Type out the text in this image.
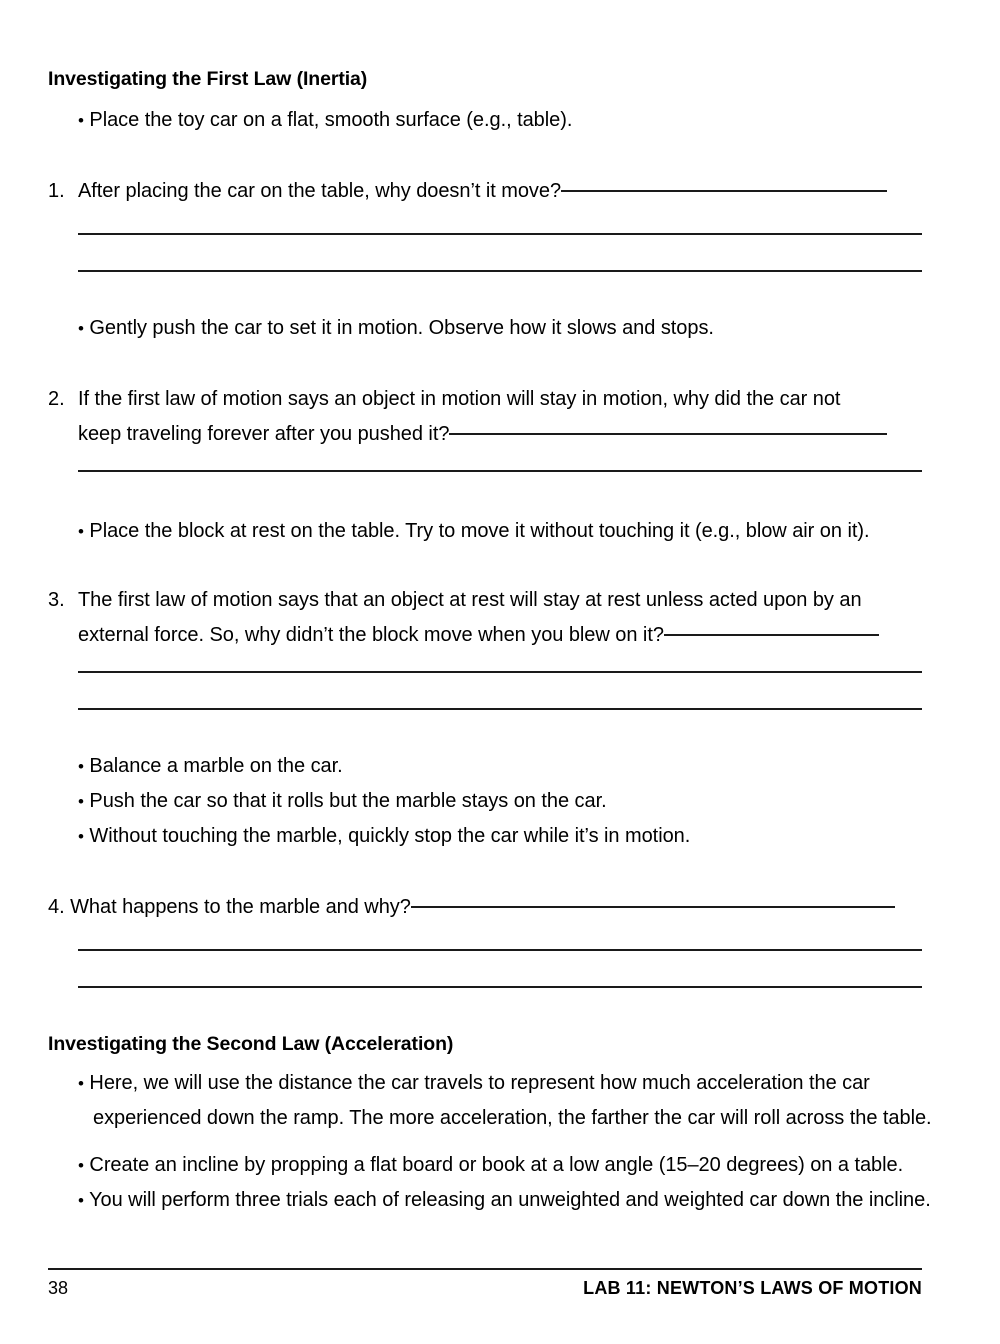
Investigating the First Law (Inertia)
• Place the toy car on a flat, smooth surface (e.g., table).
1. After placing the car on the table, why doesn’t it move?
• Gently push the car to set it in motion. Observe how it slows and stops.
2. If the first law of motion says an object in motion will stay in motion, why did the car not
keep traveling forever after you pushed it?
• Place the block at rest on the table. Try to move it without touching it (e.g., blow air on it).
3. The first law of motion says that an object at rest will stay at rest unless acted upon by an
external force. So, why didn’t the block move when you blew on it?
• Balance a marble on the car.
• Push the car so that it rolls but the marble stays on the car.
• Without touching the marble, quickly stop the car while it’s in motion.
4. What happens to the marble and why?
Investigating the Second Law (Acceleration)
• Here, we will use the distance the car travels to represent how much acceleration the car experienced down the ramp. The more acceleration, the farther the car will roll across the table.
• Create an incline by propping a flat board or book at a low angle (15–20 degrees) on a table.
• You will perform three trials each of releasing an unweighted and weighted car down the incline.
38	LAB 11: NEWTON’S LAWS OF MOTION
